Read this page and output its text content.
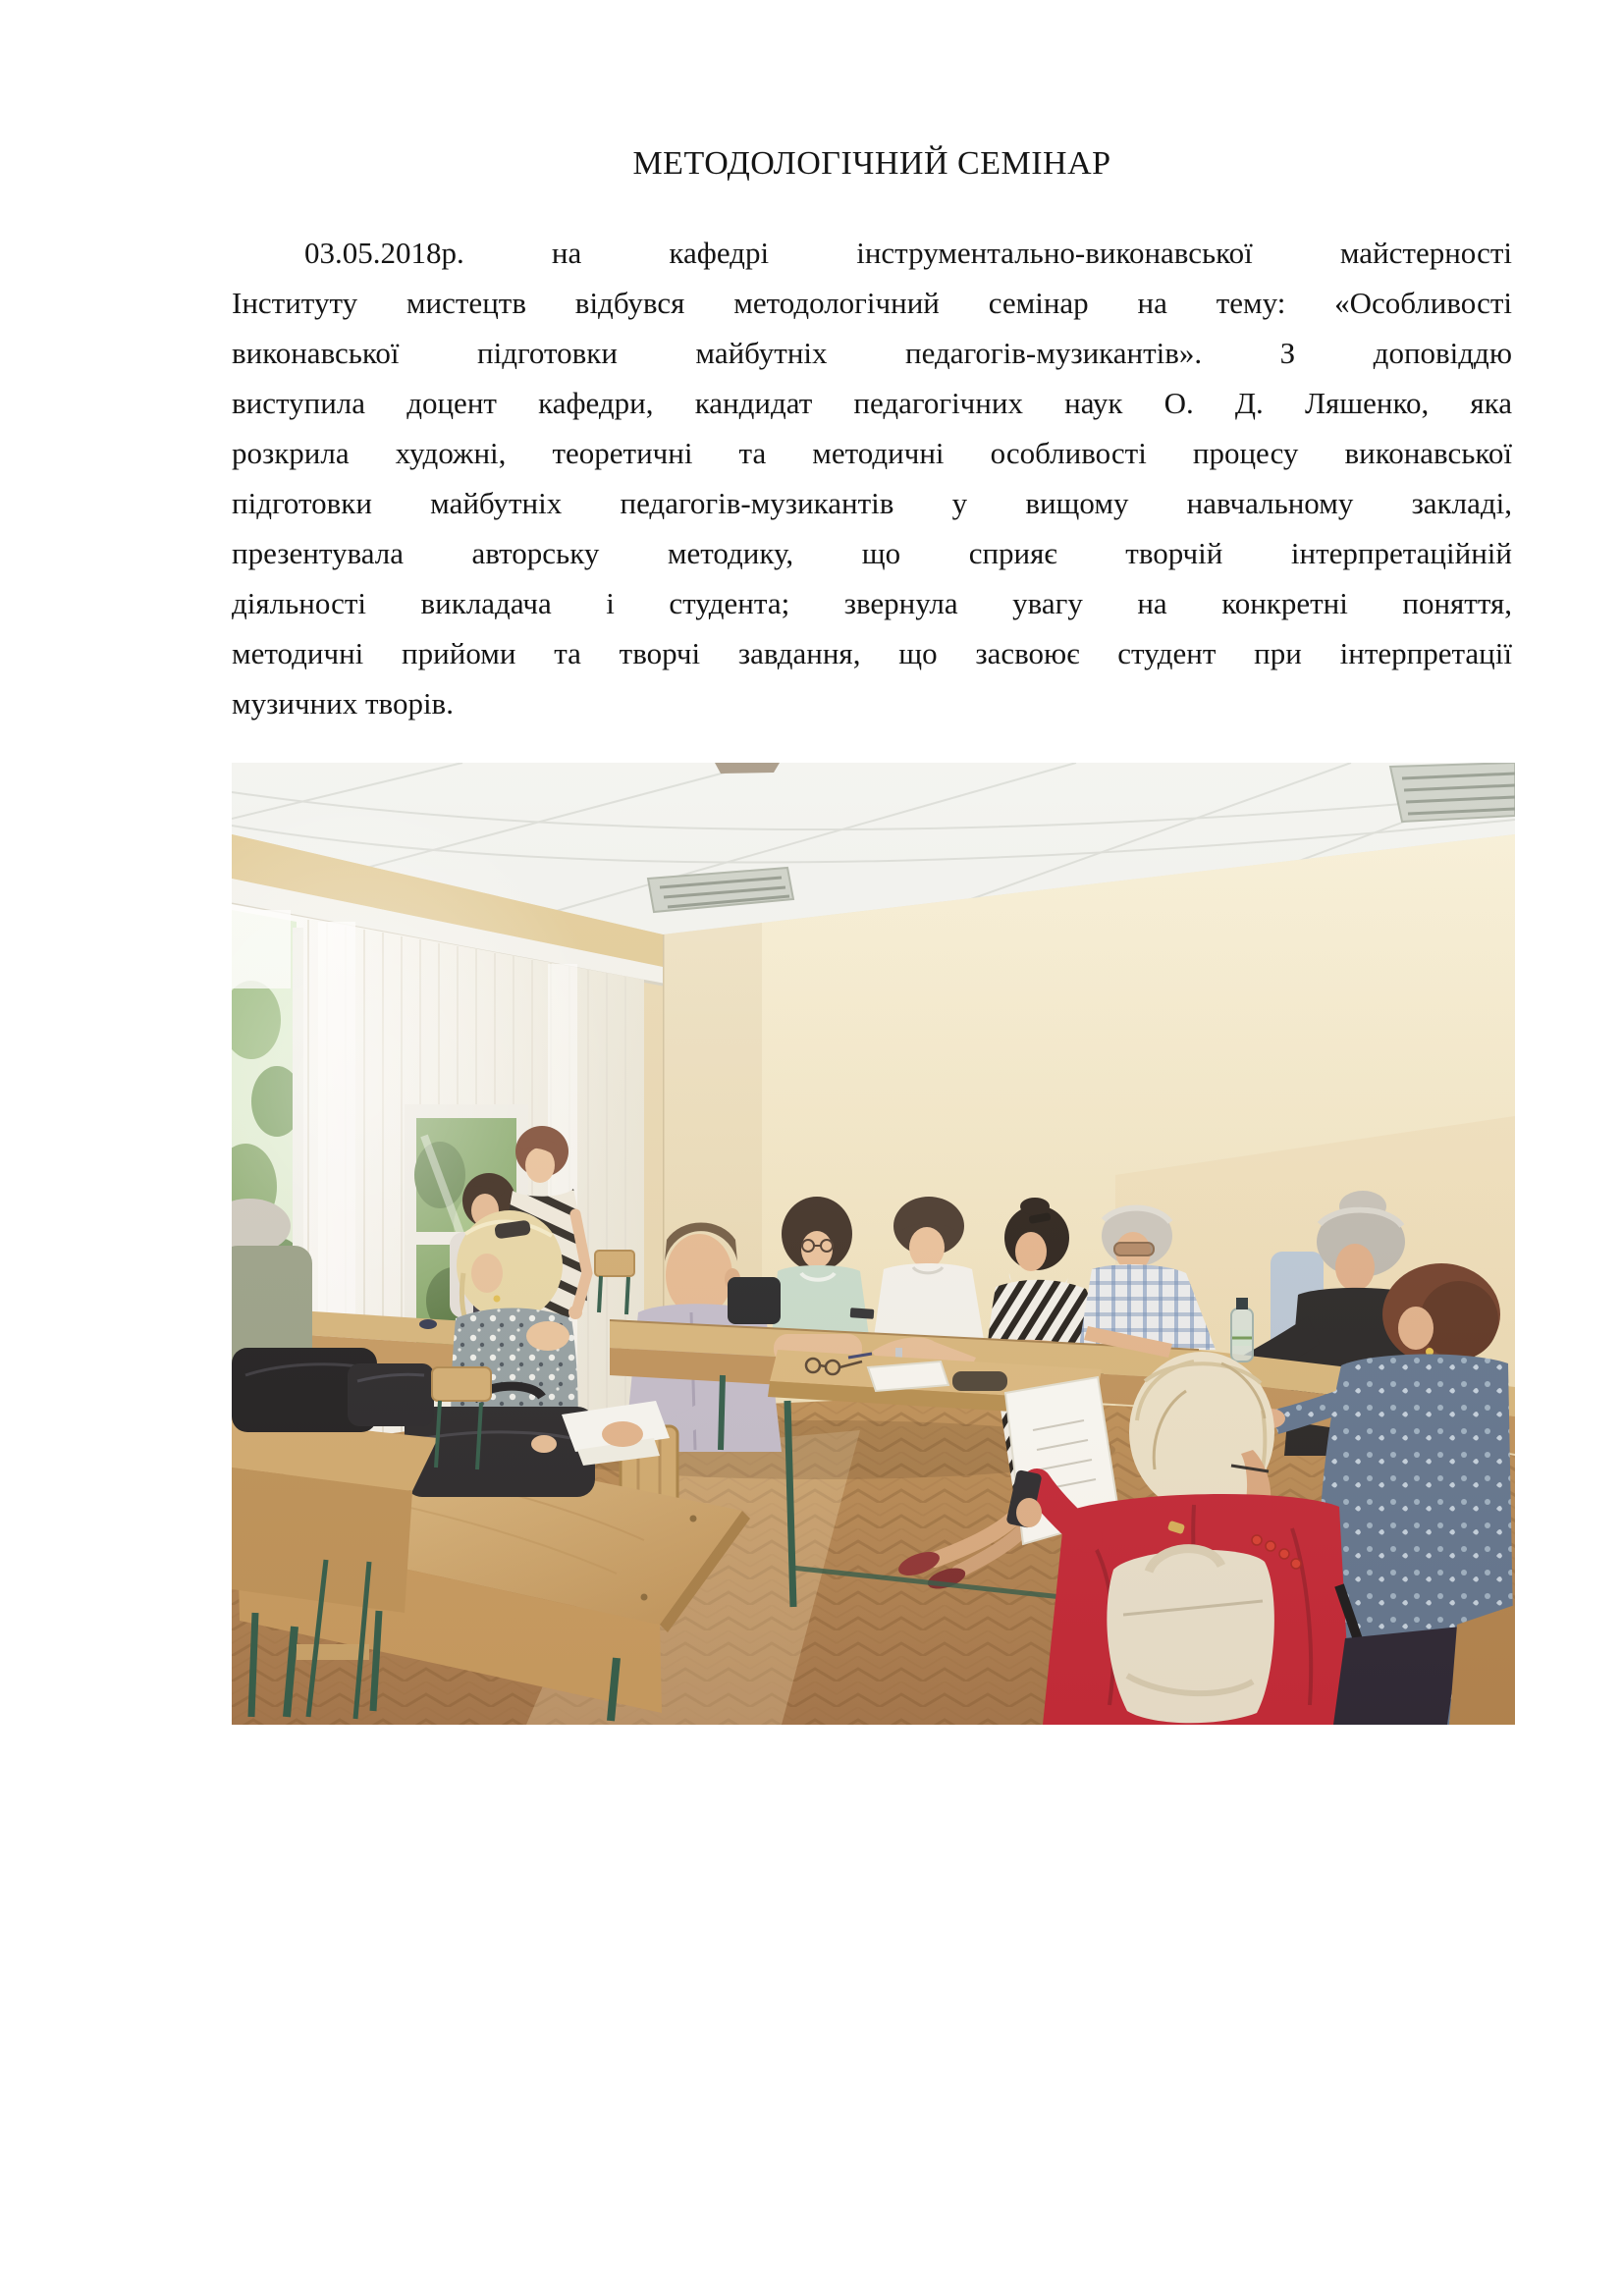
МЕТОДОЛОГІЧНИЙ СЕМІНАР
03.05.2018р. на кафедрі інструментально-виконавської майстерності
Інституту мистецтв відбувся методологічний семінар на тему: «Особливості
виконавської підготовки майбутніх педагогів-музикантів». З доповіддю
виступила доцент кафедри, кандидат педагогічних наук О. Д. Ляшенко, яка
розкрила художні, теоретичні та методичні особливості процесу виконавської
підготовки майбутніх педагогів-музикантів у вищому навчальному закладі,
презентувала авторську методику, що сприяє творчій інтерпретаційній
діяльності викладача і студента; звернула увагу на конкретні поняття,
методичні прийоми та творчі завдання, що засвоює студент при інтерпретації
музичних творів.
